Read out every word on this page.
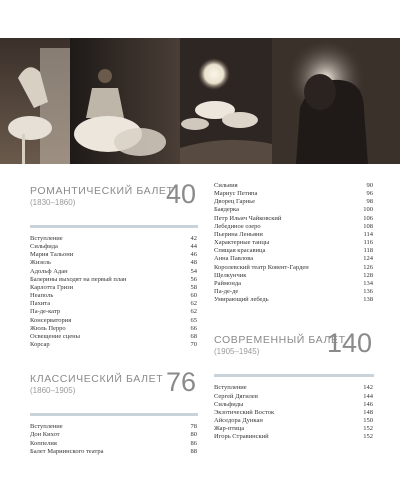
РОМАНТИЧЕСКИЙ БАЛЕТ
(1830–1860)	40
Вступление	42
Сильфида	44
Мария Тальони	46
Жизель	48
Адольф Адан	54
Балерины выходят на первый план	56
Карлотта Гризи	58
Неаполь	60
Пахита	62
Па-де-катр	62
Консерватория	65
Жюль Перро	66
Освещение сцены	68
Корсар	70
КЛАССИЧЕСКИЙ БАЛЕТ
(1860–1905)	76
Вступление	78
Дон Кихот	80
Коппелия	86
Балет Мариинского театра	88
Сильвия	90
Мариус Петипа	96
Дворец Гарнье	98
Баядерка	100
Петр Ильич Чайковский	106
Лебединое озеро	108
Пьерина Леньяни	114
Характерные танцы	116
Спящая красавица	118
Анна Павлова	124
Королевский театр Ковент-Гарден	126
Щелкунчик	128
Раймонда	134
Па-де-де	136
Умирающий лебедь	138
СОВРЕМЕННЫЙ БАЛЕТ
(1905–1945)	140
Вступление	142
Сергей Дягилев	144
Сильфиды	146
Экзотический Восток	148
Айседора Дункан	150
Жар-птица	152
Игорь Стравинский	152
